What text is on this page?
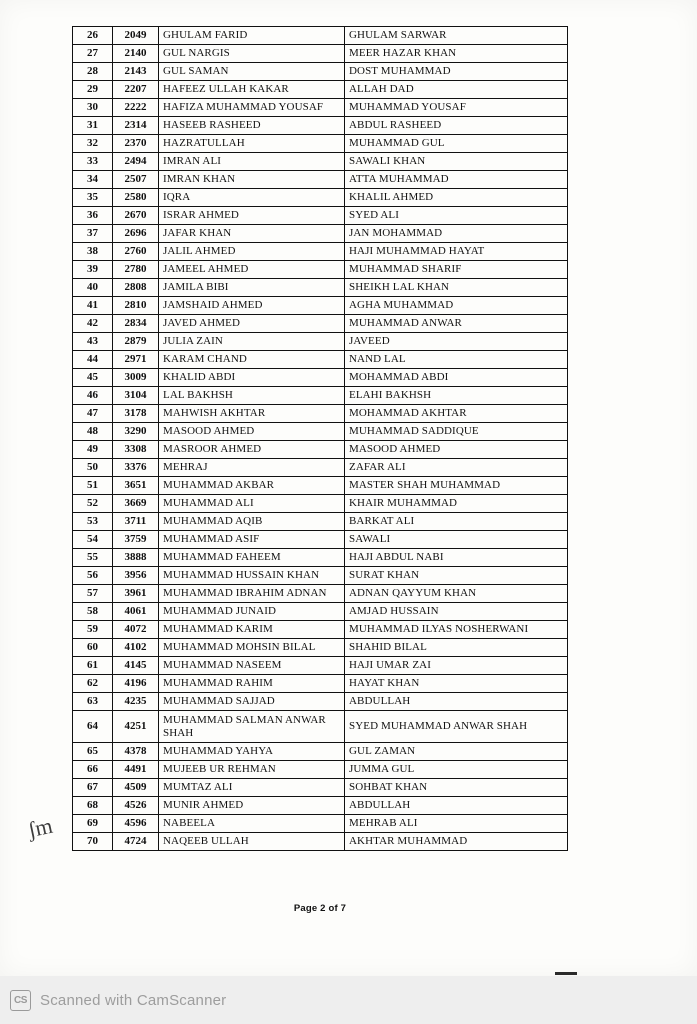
26	2049	GHULAM FARID	GHULAM SARWAR
27	2140	GUL NARGIS	MEER HAZAR KHAN
28	2143	GUL SAMAN	DOST MUHAMMAD
29	2207	HAFEEZ ULLAH KAKAR	ALLAH DAD
30	2222	HAFIZA MUHAMMAD YOUSAF	MUHAMMAD YOUSAF
31	2314	HASEEB RASHEED	ABDUL RASHEED
32	2370	HAZRATULLAH	MUHAMMAD GUL
33	2494	IMRAN ALI	SAWALI KHAN
34	2507	IMRAN KHAN	ATTA MUHAMMAD
35	2580	IQRA	KHALIL AHMED
36	2670	ISRAR AHMED	SYED ALI
37	2696	JAFAR KHAN	JAN MOHAMMAD
38	2760	JALIL AHMED	HAJI MUHAMMAD HAYAT
39	2780	JAMEEL AHMED	MUHAMMAD SHARIF
40	2808	JAMILA BIBI	SHEIKH LAL KHAN
41	2810	JAMSHAID AHMED	AGHA MUHAMMAD
42	2834	JAVED AHMED	MUHAMMAD ANWAR
43	2879	JULIA ZAIN	JAVEED
44	2971	KARAM CHAND	NAND LAL
45	3009	KHALID ABDI	MOHAMMAD ABDI
46	3104	LAL BAKHSH	ELAHI BAKHSH
47	3178	MAHWISH AKHTAR	MOHAMMAD AKHTAR
48	3290	MASOOD AHMED	MUHAMMAD SADDIQUE
49	3308	MASROOR AHMED	MASOOD AHMED
50	3376	MEHRAJ	ZAFAR ALI
51	3651	MUHAMMAD AKBAR	MASTER SHAH MUHAMMAD
52	3669	MUHAMMAD ALI	KHAIR MUHAMMAD
53	3711	MUHAMMAD AQIB	BARKAT ALI
54	3759	MUHAMMAD ASIF	SAWALI
55	3888	MUHAMMAD FAHEEM	HAJI ABDUL NABI
56	3956	MUHAMMAD HUSSAIN KHAN	SURAT KHAN
57	3961	MUHAMMAD IBRAHIM ADNAN	ADNAN QAYYUM KHAN
58	4061	MUHAMMAD JUNAID	AMJAD HUSSAIN
59	4072	MUHAMMAD KARIM	MUHAMMAD ILYAS NOSHERWANI
60	4102	MUHAMMAD MOHSIN BILAL	SHAHID BILAL
61	4145	MUHAMMAD NASEEM	HAJI UMAR ZAI
62	4196	MUHAMMAD RAHIM	HAYAT KHAN
63	4235	MUHAMMAD SAJJAD	ABDULLAH
64	4251	MUHAMMAD SALMAN ANWAR SHAH	SYED MUHAMMAD ANWAR SHAH
65	4378	MUHAMMAD YAHYA	GUL ZAMAN
66	4491	MUJEEB UR REHMAN	JUMMA GUL
67	4509	MUMTAZ ALI	SOHBAT KHAN
68	4526	MUNIR AHMED	ABDULLAH
69	4596	NABEELA	MEHRAB ALI
70	4724	NAQEEB ULLAH	AKHTAR MUHAMMAD
ʃm
Page 2 of 7
CS Scanned with CamScanner
